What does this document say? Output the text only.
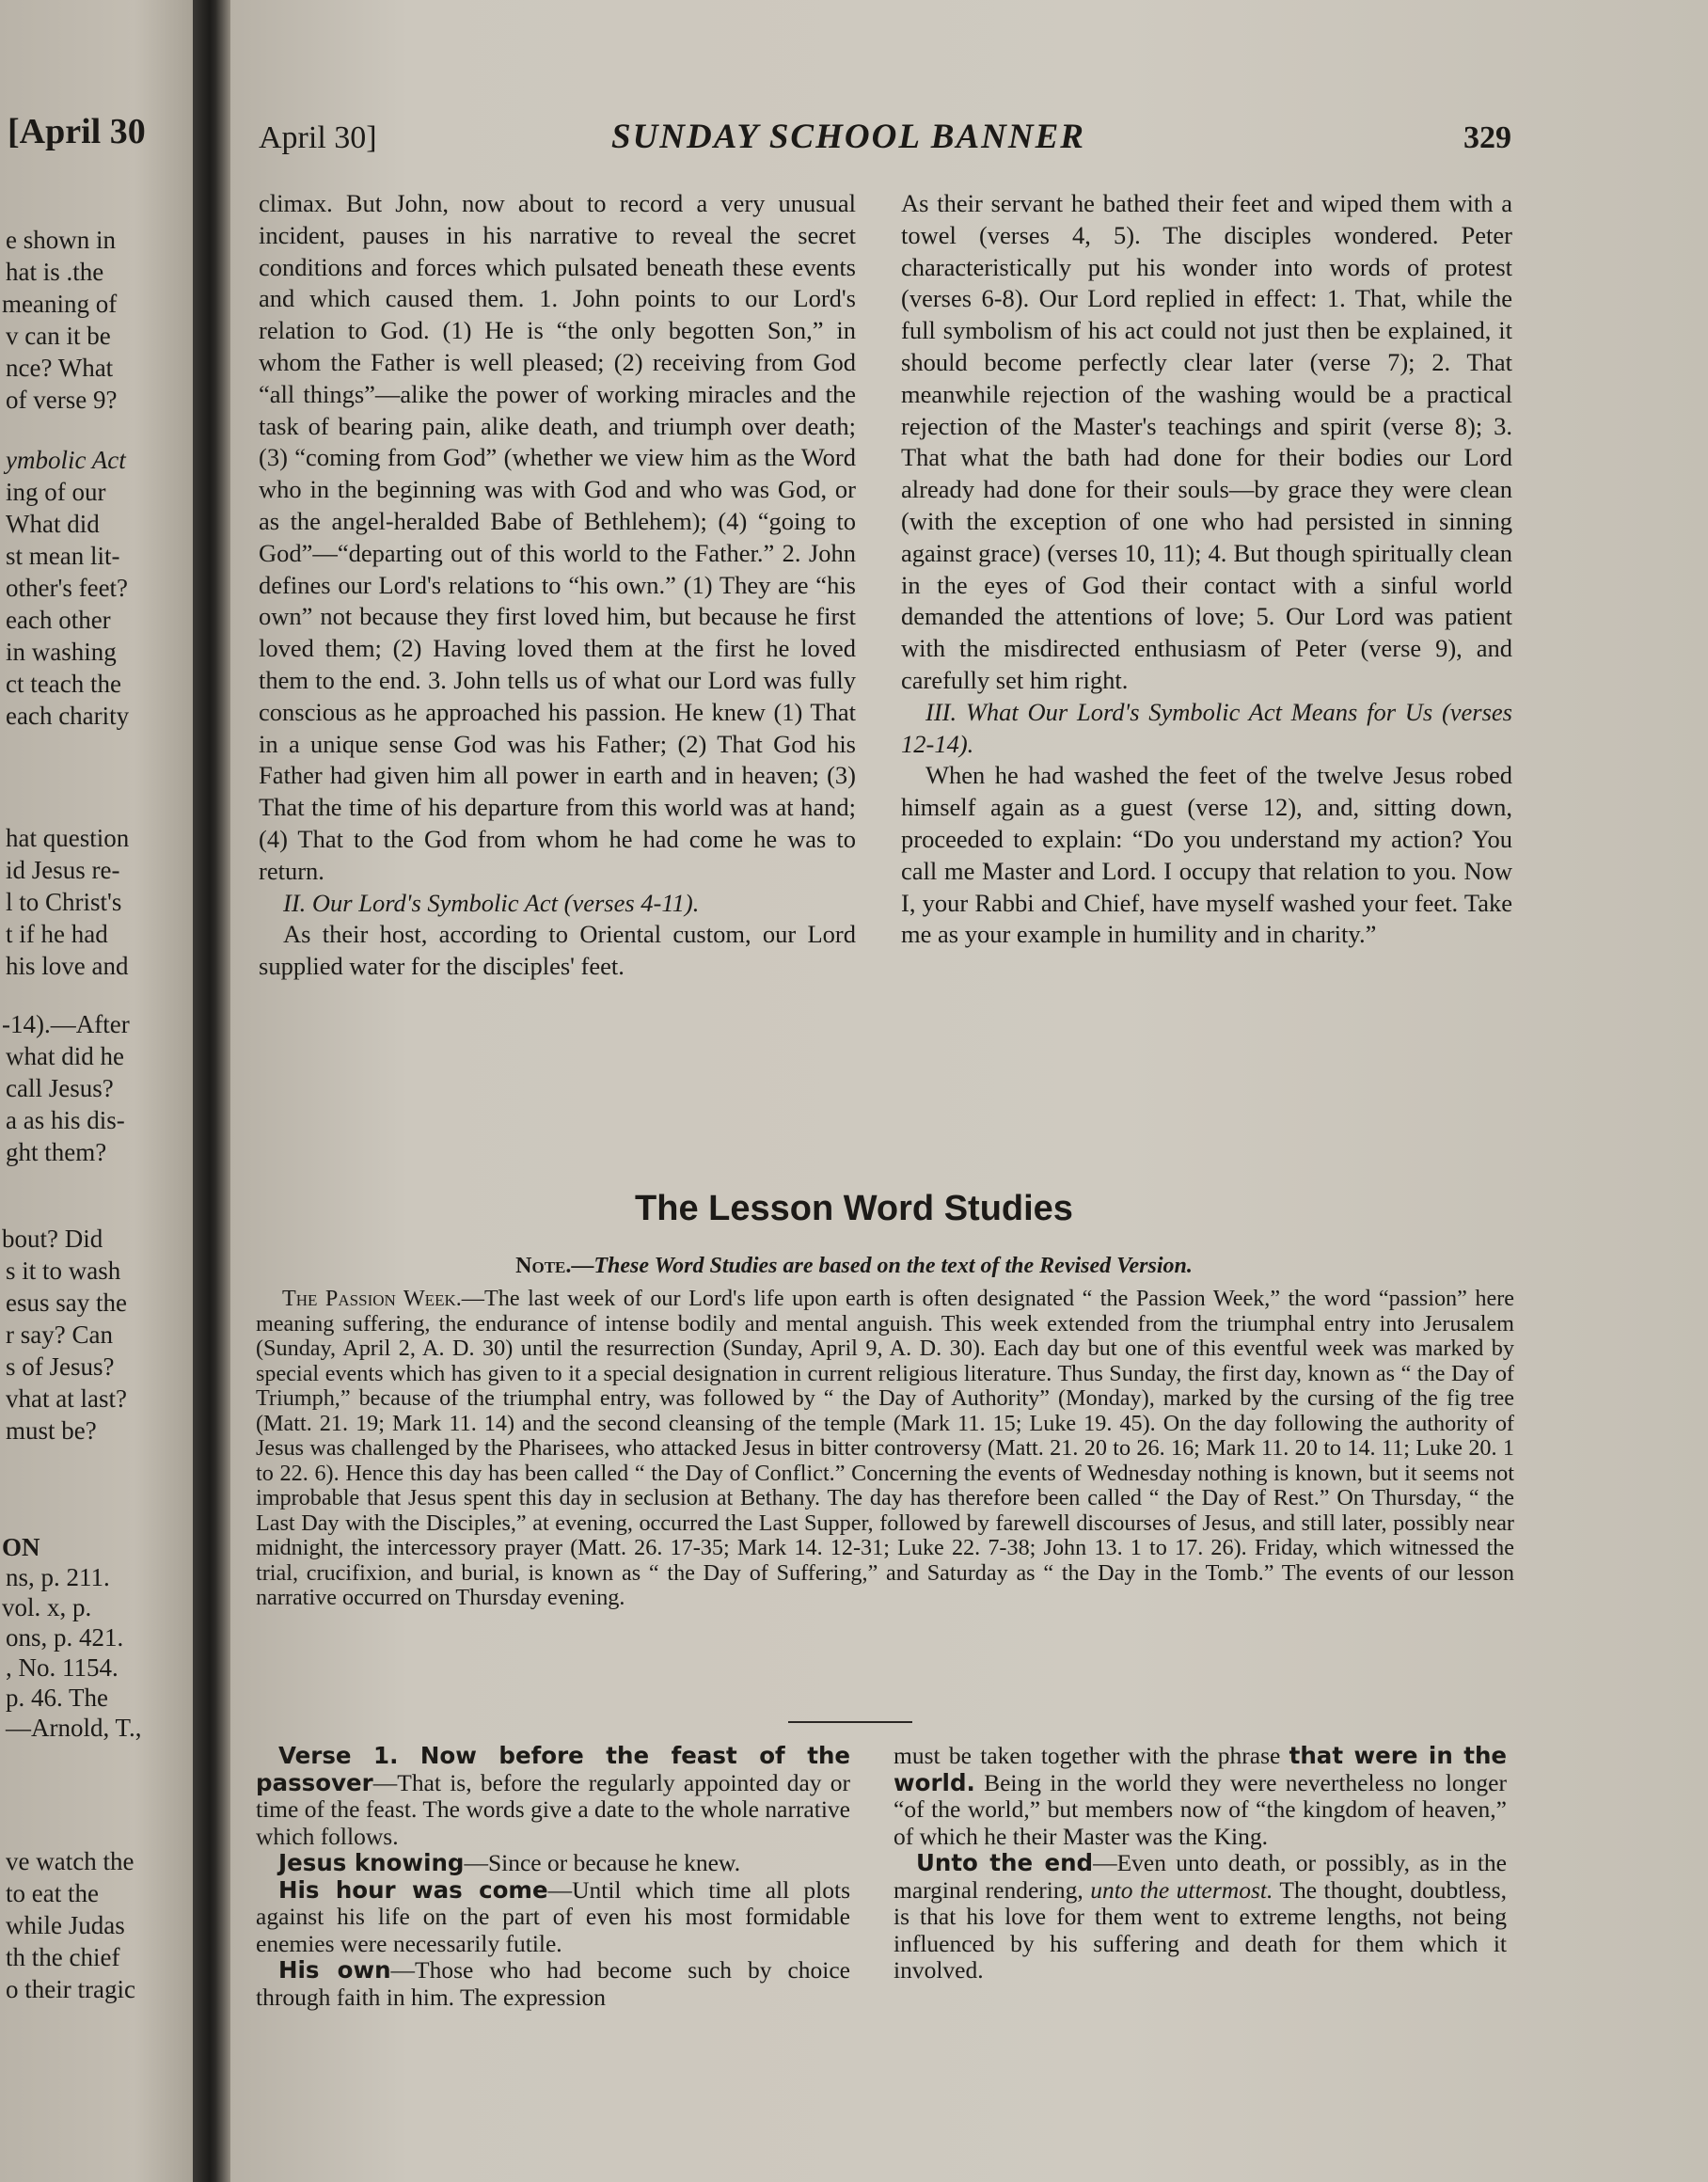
[April 30
e shown in
hat is .the
meaning of
v can it be
nce? What
of verse 9?
ymbolic Act
ing of our
What did
st mean lit-
other's feet?
each other
in washing
ct teach the
each charity
hat question
id Jesus re-
l to Christ's
t if he had
his love and
-14).—After
what did he
call Jesus?
a as his dis-
ght them?
bout? Did
s it to wash
esus say the
r say? Can
s of Jesus?
vhat at last?
must be?
ON
ns, p. 211.
vol. x, p.
ons, p. 421.
, No. 1154.
p. 46. The
—Arnold, T.,
ve watch the
to eat the
while Judas
th the chief
o their tragic
April 30]	SUNDAY SCHOOL BANNER	329

climax. But John, now about to record a very unusual incident, pauses in his narrative to reveal the secret conditions and forces which pulsated beneath these events and which caused them. 1. John points to our Lord's relation to God. (1) He is “the only begotten Son,” in whom the Father is well pleased; (2) receiving from God “all things”—alike the power of working miracles and the task of bearing pain, alike death, and triumph over death; (3) “coming from God” (whether we view him as the Word who in the beginning was with God and who was God, or as the angel-heralded Babe of Bethlehem); (4) “going to God”—“departing out of this world to the Father.” 2. John defines our Lord's relations to “his own.” (1) They are “his own” not because they first loved him, but because he first loved them; (2) Having loved them at the first he loved them to the end. 3. John tells us of what our Lord was fully conscious as he approached his passion. He knew (1) That in a unique sense God was his Father; (2) That God his Father had given him all power in earth and in heaven; (3) That the time of his departure from this world was at hand; (4) That to the God from whom he had come he was to return.

II. Our Lord's Symbolic Act (verses 4-11).

As their host, according to Oriental custom, our Lord supplied water for the disciples' feet.

As their servant he bathed their feet and wiped them with a towel (verses 4, 5). The disciples wondered. Peter characteristically put his wonder into words of protest (verses 6-8). Our Lord replied in effect: 1. That, while the full symbolism of his act could not just then be explained, it should become perfectly clear later (verse 7); 2. That meanwhile rejection of the washing would be a practical rejection of the Master's teachings and spirit (verse 8); 3. That what the bath had done for their bodies our Lord already had done for their souls—by grace they were clean (with the exception of one who had persisted in sinning against grace) (verses 10, 11); 4. But though spiritually clean in the eyes of God their contact with a sinful world demanded the attentions of love; 5. Our Lord was patient with the misdirected enthusiasm of Peter (verse 9), and carefully set him right.

III. What Our Lord's Symbolic Act Means for Us (verses 12-14).

When he had washed the feet of the twelve Jesus robed himself again as a guest (verse 12), and, sitting down, proceeded to explain: “Do you understand my action? You call me Master and Lord. I occupy that relation to you. Now I, your Rabbi and Chief, have myself washed your feet. Take me as your example in humility and in charity.”

The Lesson Word Studies
Note.—These Word Studies are based on the text of the Revised Version.

The Passion Week.—The last week of our Lord's life upon earth is often designated “ the Passion Week,” the word “passion” here meaning suffering, the endurance of intense bodily and mental anguish. This week extended from the triumphal entry into Jerusalem (Sunday, April 2, A. D. 30) until the resurrection (Sunday, April 9, A. D. 30). Each day but one of this eventful week was marked by special events which has given to it a special designation in current religious literature. Thus Sunday, the first day, known as “ the Day of Triumph,” because of the triumphal entry, was followed by “ the Day of Authority” (Monday), marked by the cursing of the fig tree (Matt. 21. 19; Mark 11. 14) and the second cleansing of the temple (Mark 11. 15; Luke 19. 45). On the day following the authority of Jesus was challenged by the Pharisees, who attacked Jesus in bitter controversy (Matt. 21. 20 to 26. 16; Mark 11. 20 to 14. 11; Luke 20. 1 to 22. 6). Hence this day has been called “ the Day of Conflict.” Concerning the events of Wednesday nothing is known, but it seems not improbable that Jesus spent this day in seclusion at Bethany. The day has therefore been called “ the Day of Rest.” On Thursday, “ the Last Day with the Disciples,” at evening, occurred the Last Supper, followed by farewell discourses of Jesus, and still later, possibly near midnight, the intercessory prayer (Matt. 26. 17-35; Mark 14. 12-31; Luke 22. 7-38; John 13. 1 to 17. 26). Friday, which witnessed the trial, crucifixion, and burial, is known as “ the Day of Suffering,” and Saturday as “ the Day in the Tomb.” The events of our lesson narrative occurred on Thursday evening.

Verse 1. Now before the feast of the passover—That is, before the regularly appointed day or time of the feast. The words give a date to the whole narrative which follows.

Jesus knowing—Since or because he knew.

His hour was come—Until which time all plots against his life on the part of even his most formidable enemies were necessarily futile.

His own—Those who had become such by choice through faith in him. The expression

must be taken together with the phrase that were in the world. Being in the world they were nevertheless no longer “of the world,” but members now of “the kingdom of heaven,” of which he their Master was the King.

Unto the end—Even unto death, or possibly, as in the marginal rendering, unto the uttermost. The thought, doubtless, is that his love for them went to extreme lengths, not being influenced by his suffering and death for them which it involved.
